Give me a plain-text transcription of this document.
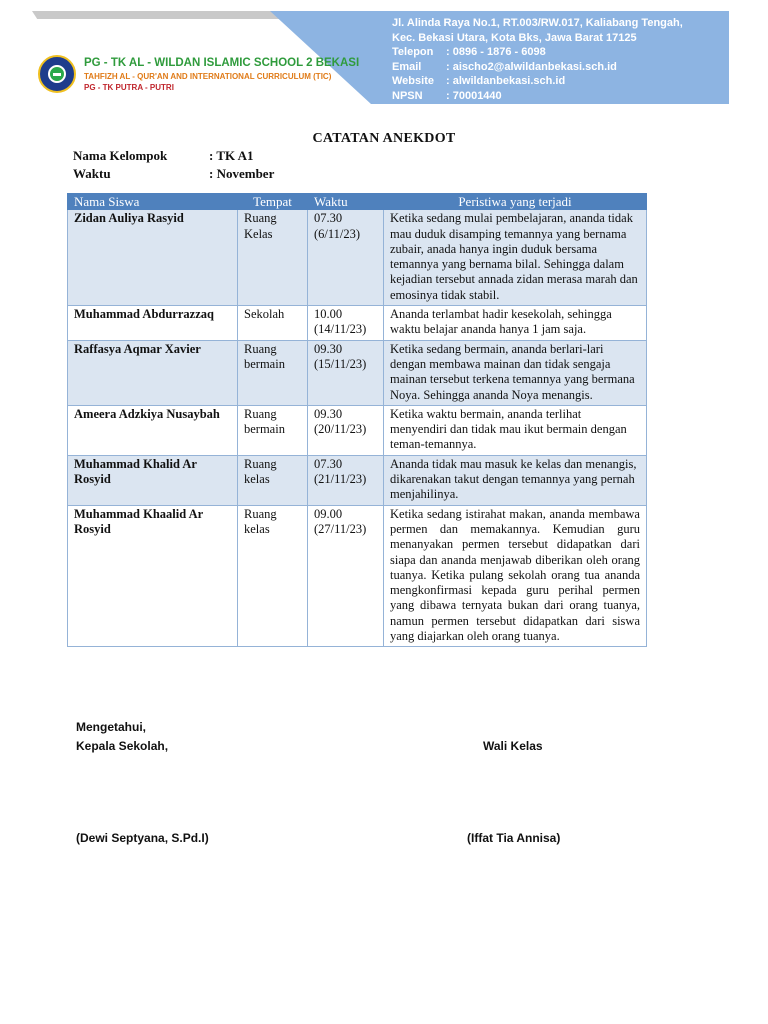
PG - TK AL - WILDAN ISLAMIC SCHOOL 2 BEKASI
TAHFIZH AL - QUR'AN AND INTERNATIONAL CURRICULUM (TIC)
PG - TK PUTRA - PUTRI
Jl. Alinda Raya No.1, RT.003/RW.017, Kaliabang Tengah,
Kec. Bekasi Utara, Kota Bks, Jawa Barat 17125
Telepon : 0896 - 1876 - 6098
Email : aischo2@alwildanbekasi.sch.id
Website : alwildanbekasi.sch.id
NPSN : 70001440
CATATAN ANEKDOT
Nama Kelompok	: TK A1
Waktu	: November
Nama Siswa	Tempat	Waktu	Peristiwa yang terjadi
Zidan Auliya Rasyid	Ruang Kelas	07.30 (6/11/23)	Ketika sedang mulai pembelajaran, ananda tidak mau duduk disamping temannya yang bernama zubair, anada hanya ingin duduk bersama temannya yang bernama bilal. Sehingga dalam kejadian tersebut annada zidan merasa marah dan emosinya tidak stabil.
Muhammad Abdurrazzaq	Sekolah	10.00 (14/11/23)	Ananda terlambat hadir kesekolah, sehingga waktu belajar ananda hanya 1 jam saja.
Raffasya Aqmar Xavier	Ruang bermain	09.30 (15/11/23)	Ketika sedang bermain, ananda berlari-lari dengan membawa mainan dan tidak sengaja mainan tersebut terkena temannya yang bermana Noya. Sehingga ananda Noya menangis.
Ameera Adzkiya Nusaybah	Ruang bermain	09.30 (20/11/23)	Ketika waktu bermain, ananda terlihat menyendiri dan tidak mau ikut bermain dengan teman-temannya.
Muhammad Khalid Ar Rosyid	Ruang kelas	07.30 (21/11/23)	Ananda tidak mau masuk ke kelas dan menangis, dikarenakan takut dengan temannya yang pernah menjahilinya.
Muhammad Khaalid Ar Rosyid	Ruang kelas	09.00 (27/11/23)	Ketika sedang istirahat makan, ananda membawa permen dan memakannya. Kemudian guru menanyakan permen tersebut didapatkan dari siapa dan ananda menjawab diberikan oleh orang tuanya. Ketika pulang sekolah orang tua ananda mengkonfirmasi kepada guru perihal permen yang dibawa ternyata bukan dari orang tuanya, namun permen tersebut didapatkan dari siswa yang diajarkan oleh orang tuanya.
Mengetahui,
Kepala Sekolah,	Wali Kelas
(Dewi Septyana, S.Pd.I)	(Iffat Tia Annisa)
